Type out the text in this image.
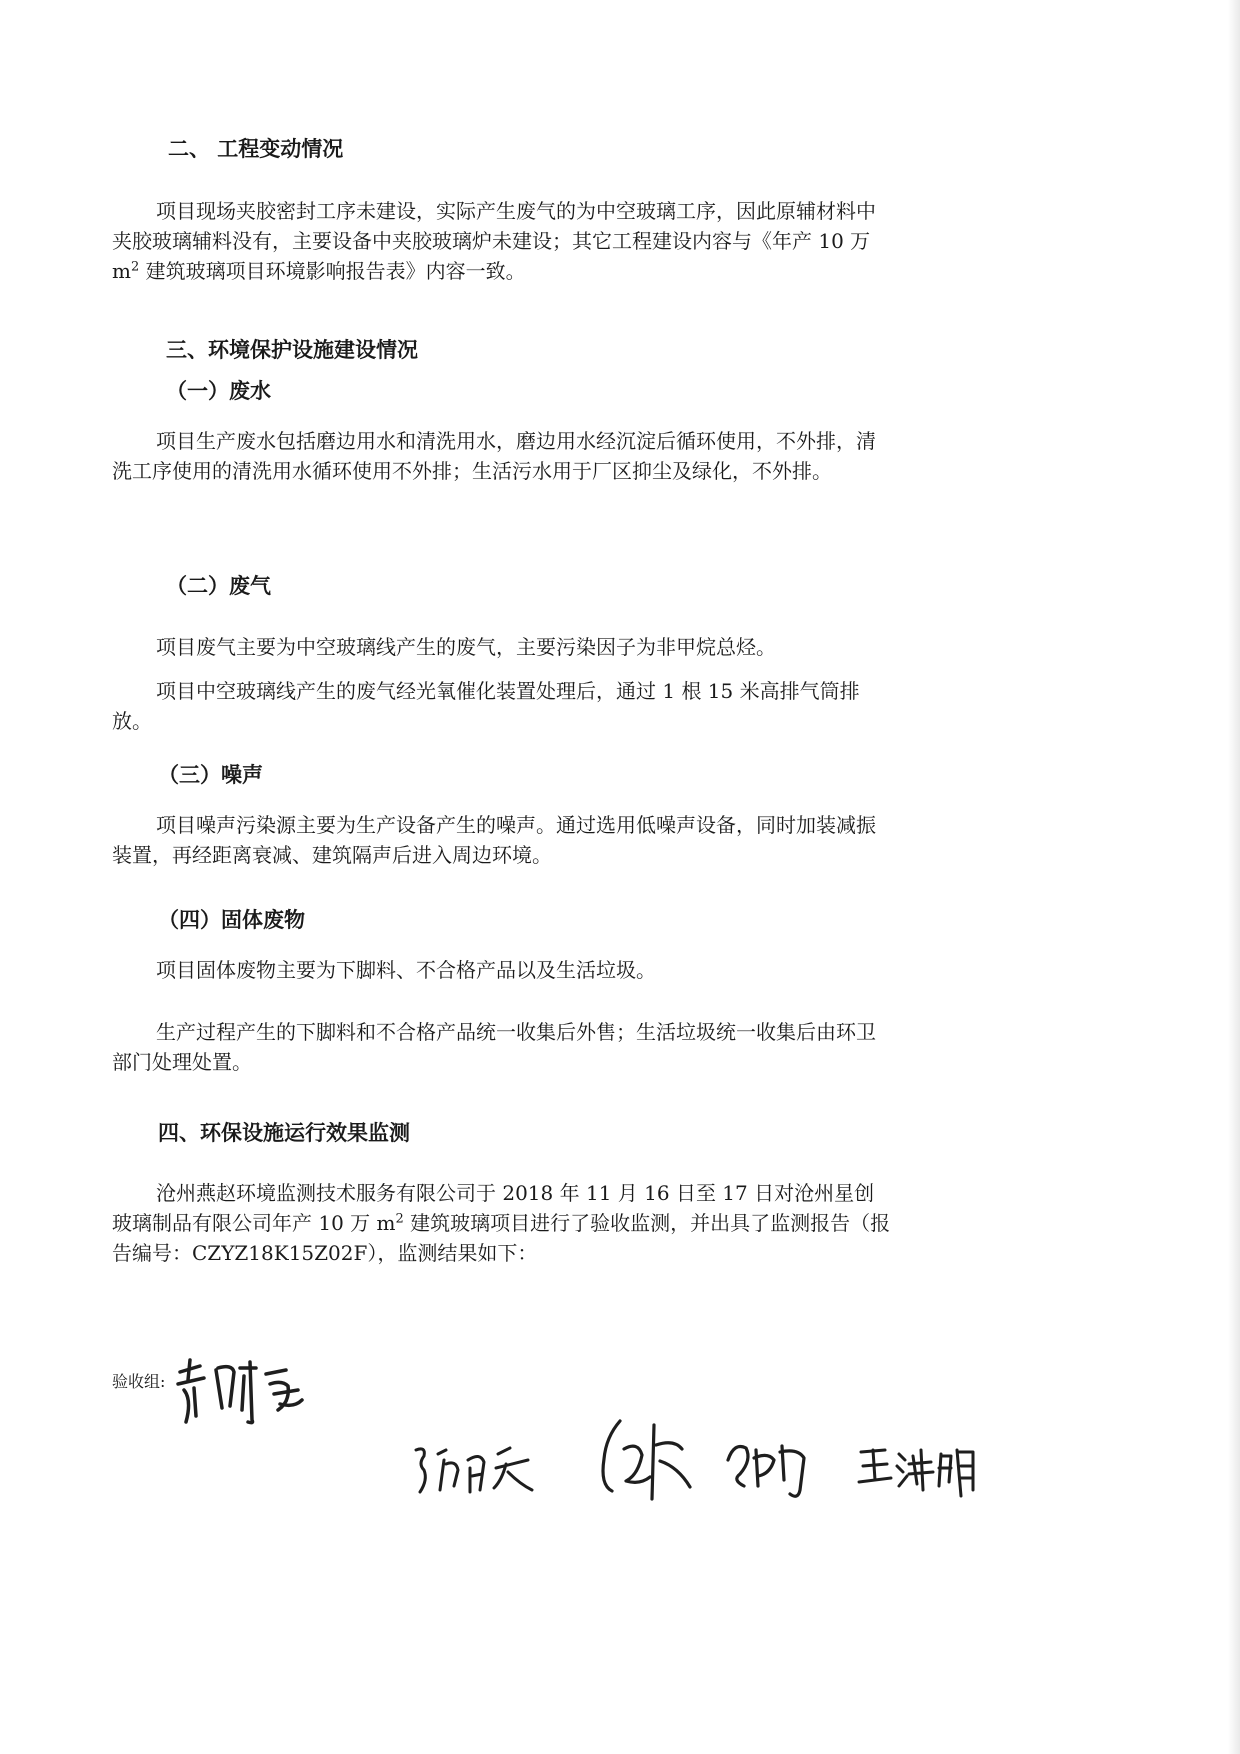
二、 工程变动情况

项目现场夹胶密封工序未建设，实际产生废气的为中空玻璃工序，因此原辅材料中夹胶玻璃辅料没有，主要设备中夹胶玻璃炉未建设；其它工程建设内容与《年产 10 万 $m^2$ 建筑玻璃项目环境影响报告表》内容一致。

三、环境保护设施建设情况
（一）废水

项目生产废水包括磨边用水和清洗用水，磨边用水经沉淀后循环使用，不外排，清洗工序使用的清洗用水循环使用不外排；生活污水用于厂区抑尘及绿化，不外排。

（二）废气

项目废气主要为中空玻璃线产生的废气，主要污染因子为非甲烷总烃。

项目中空玻璃线产生的废气经光氧催化装置处理后，通过 1 根 15 米高排气筒排放。

（三）噪声

项目噪声污染源主要为生产设备产生的噪声。通过选用低噪声设备，同时加装减振装置，再经距离衰减、建筑隔声后进入周边环境。

（四）固体废物

项目固体废物主要为下脚料、不合格产品以及生活垃圾。

生产过程产生的下脚料和不合格产品统一收集后外售；生活垃圾统一收集后由环卫部门处理处置。

四、环保设施运行效果监测

沧州燕赵环境监测技术服务有限公司于 2018 年 11 月 16 日至 17 日对沧州星创玻璃制品有限公司年产 10 万 $m^2$ 建筑玻璃项目进行了验收监测，并出具了监测报告（报告编号：CZYZ18K15Z02F），监测结果如下：

验收组:
